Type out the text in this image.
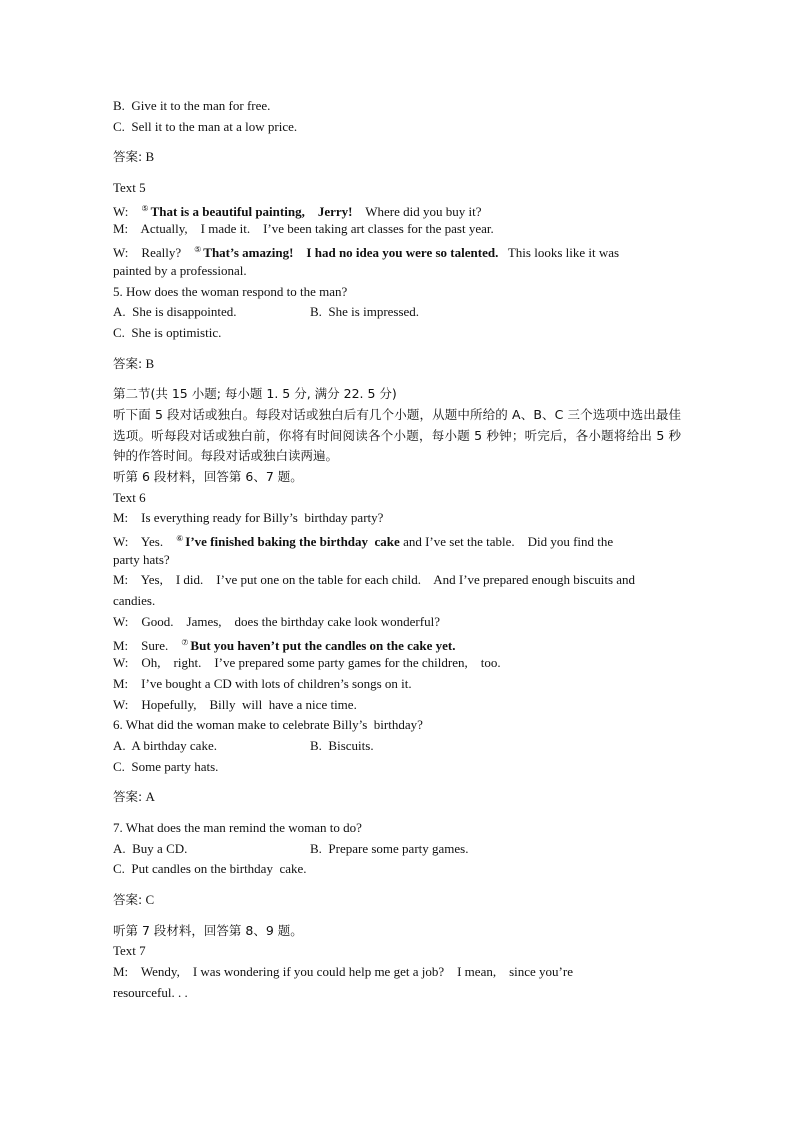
B.  Give it to the man for free.
C.  Sell it to the man at a low price.
答案: B
Text 5
W:    ⑤ That is a beautiful painting,    Jerry!    Where did you buy it?
M:    Actually,    I made it.    I’ve been taking art classes for the past year.
W:    Really?    ⑤ That’s amazing!    I had no idea you were so talented.   This looks like it was
painted by a professional.
5. How does the woman respond to the man?
A.  She is disappointed.	B.  She is impressed.
C.  She is optimistic.
答案: B
第二节(共 15 小题; 每小题 1. 5 分, 满分 22. 5 分)
听下面 5 段对话或独白。每段对话或独白后有几个小题，从题中所给的 A、B、C 三个选项中选出最佳选项。听每段对话或独白前，你将有时间阅读各个小题，每小题 5 秒钟；听完后，各小题将给出 5 秒钟的作答时间。每段对话或独白读两遍。
听第 6 段材料，回答第 6、7 题。
Text 6
M:    Is everything ready for Billy’s  birthday party?
W:    Yes.    ⑥ I’ve finished baking the birthday  cake and I’ve set the table.    Did you find the
party hats?
M:    Yes,    I did.    I’ve put one on the table for each child.    And I’ve prepared enough biscuits and
candies.
W:    Good.    James,    does the birthday cake look wonderful?
M:    Sure.    ⑦ But you haven’t put the candles on the cake yet.
W:    Oh,    right.    I’ve prepared some party games for the children,    too.
M:    I’ve bought a CD with lots of children’s songs on it.
W:    Hopefully,    Billy  will  have a nice time.
6. What did the woman make to celebrate Billy’s  birthday?
A.  A birthday cake.	B.  Biscuits.
C.  Some party hats.
答案: A
7. What does the man remind the woman to do?
A.  Buy a CD.	B.  Prepare some party games.
C.  Put candles on the birthday  cake.
答案: C
听第 7 段材料，回答第 8、9 题。
Text 7
M:    Wendy,    I was wondering if you could help me get a job?    I mean,    since you’re
resourceful. . .
